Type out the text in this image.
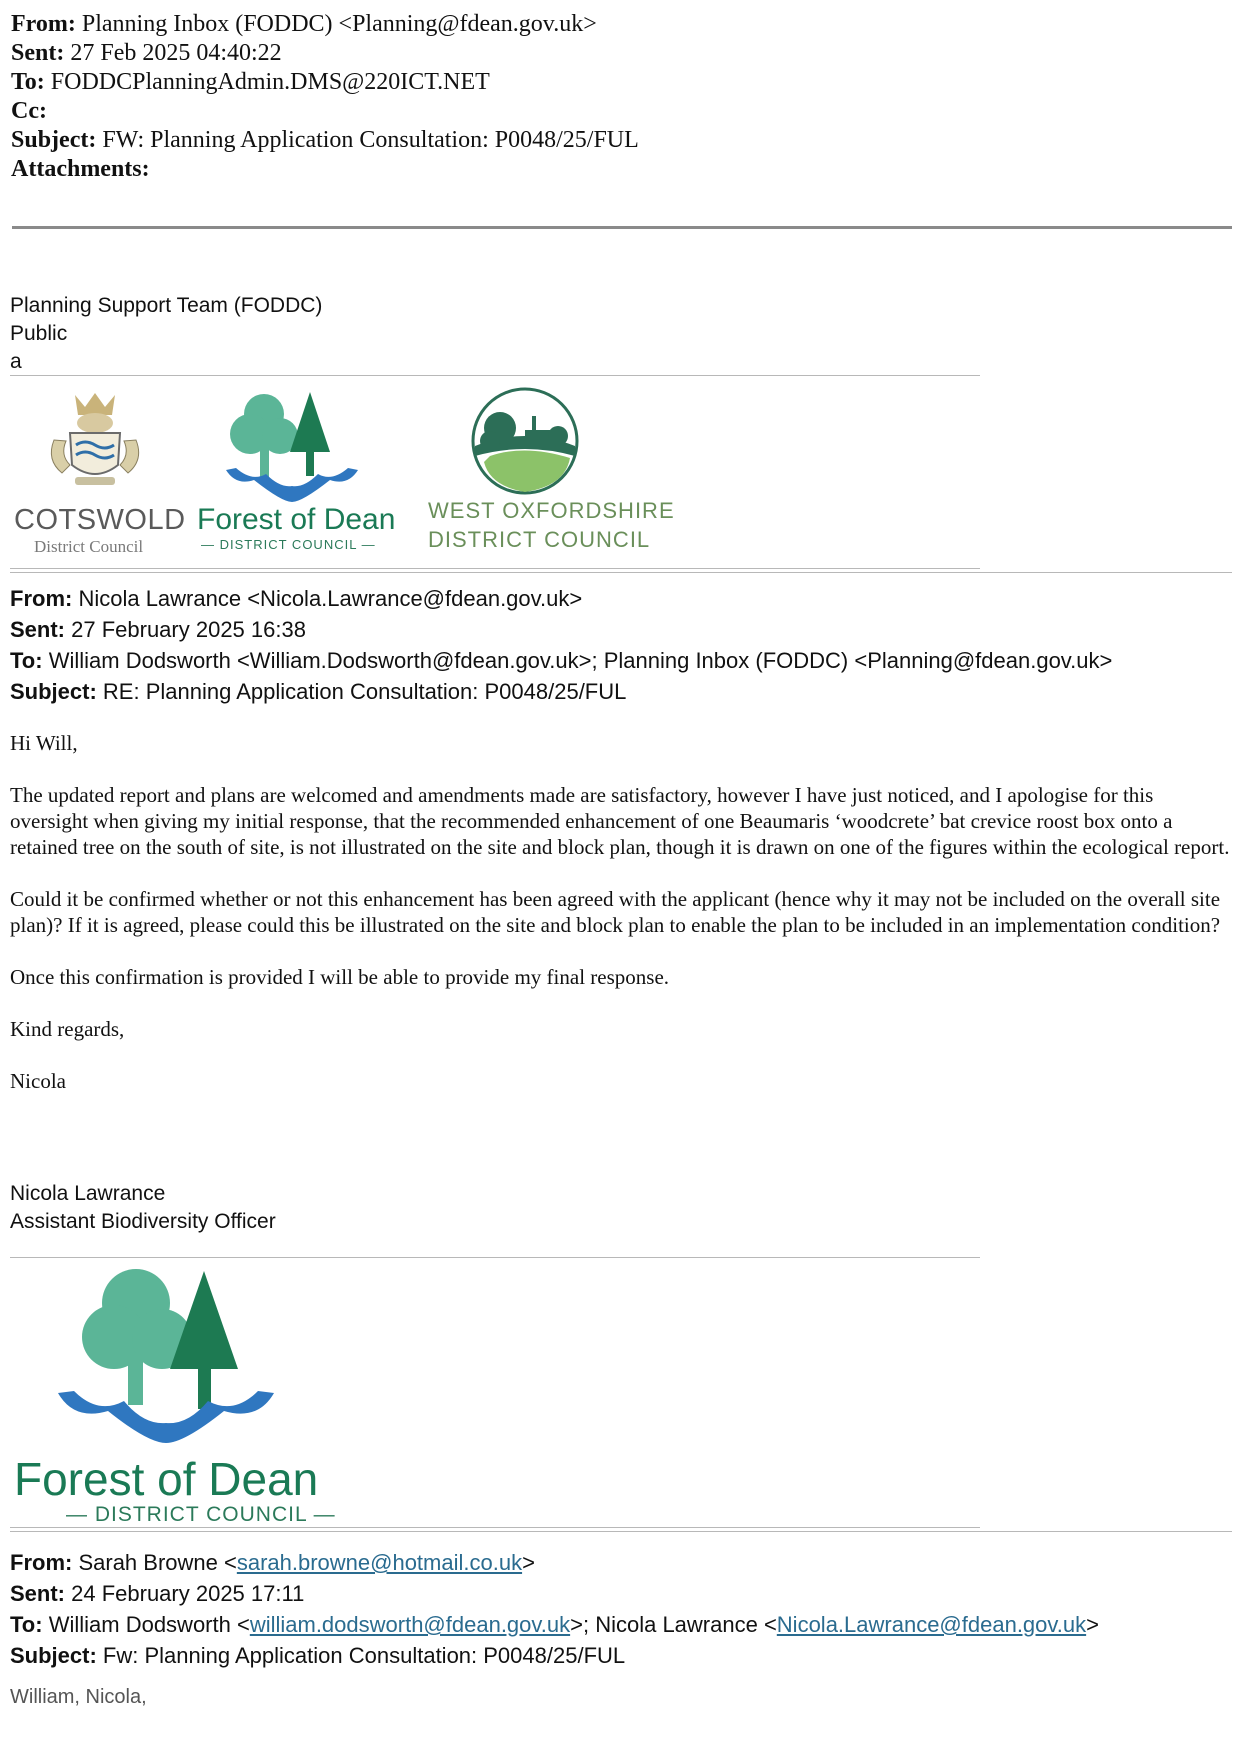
From: Planning Inbox (FODDC) <Planning@fdean.gov.uk>
Sent: 27 Feb 2025 04:40:22
To: FODDCPlanningAdmin.DMS@220ICT.NET
Cc:
Subject: FW: Planning Application Consultation: P0048/25/FUL
Attachments:
Planning Support Team (FODDC)
Public
a
COTSWOLD
District Council
Forest of Dean
— DISTRICT COUNCIL —
WEST OXFORDSHIRE
DISTRICT COUNCIL
From: Nicola Lawrance <Nicola.Lawrance@fdean.gov.uk>
Sent: 27 February 2025 16:38
To: William Dodsworth <William.Dodsworth@fdean.gov.uk>; Planning Inbox (FODDC) <Planning@fdean.gov.uk>
Subject: RE: Planning Application Consultation: P0048/25/FUL

Hi Will,

The updated report and plans are welcomed and amendments made are satisfactory, however I have just noticed, and I apologise for this oversight when giving my initial response, that the recommended enhancement of one Beaumaris ‘woodcrete’ bat crevice roost box onto a retained tree on the south of site, is not illustrated on the site and block plan, though it is drawn on one of the figures within the ecological report.

Could it be confirmed whether or not this enhancement has been agreed with the applicant (hence why it may not be included on the overall site plan)? If it is agreed, please could this be illustrated on the site and block plan to enable the plan to be included in an implementation condition?

Once this confirmation is provided I will be able to provide my final response.

Kind regards,

Nicola

Nicola Lawrance
Assistant Biodiversity Officer
Forest of Dean
— DISTRICT COUNCIL —
From: Sarah Browne <sarah.browne@hotmail.co.uk>
Sent: 24 February 2025 17:11
To: William Dodsworth <william.dodsworth@fdean.gov.uk>; Nicola Lawrance <Nicola.Lawrance@fdean.gov.uk>
Subject: Fw: Planning Application Consultation: P0048/25/FUL
William, Nicola,
